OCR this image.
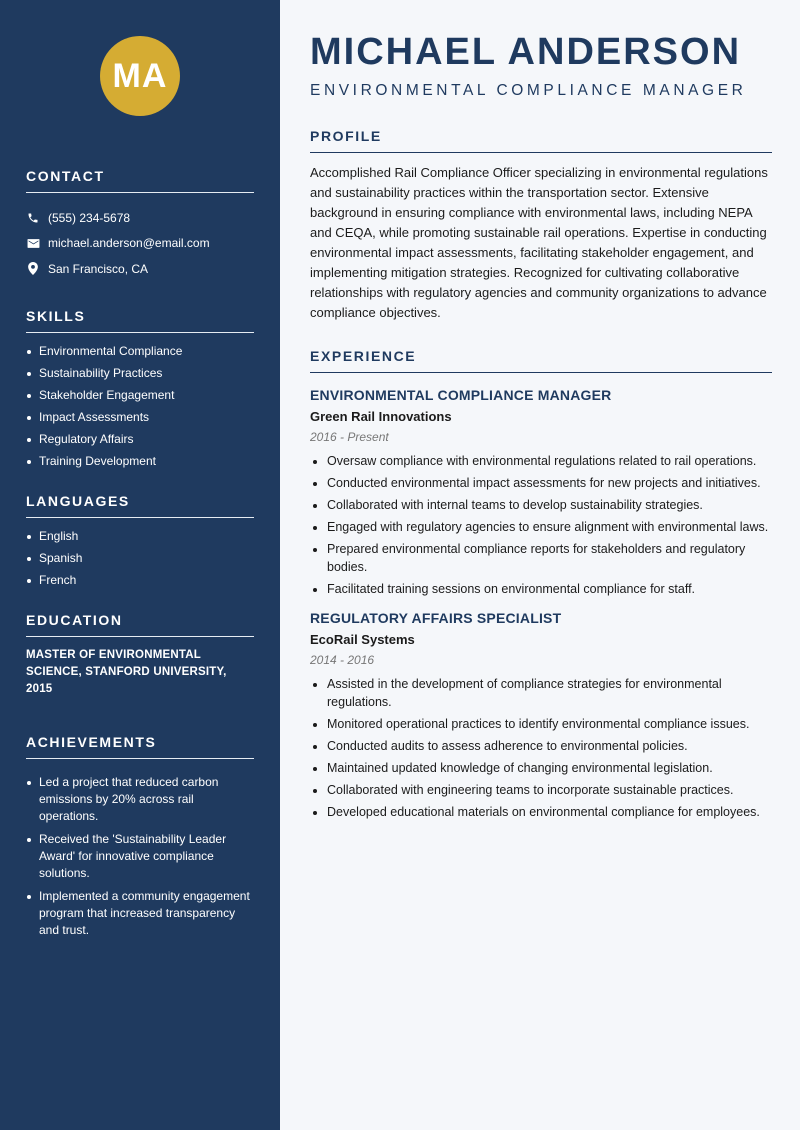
MA
CONTACT
(555) 234-5678
michael.anderson@email.com
San Francisco, CA
SKILLS
Environmental Compliance
Sustainability Practices
Stakeholder Engagement
Impact Assessments
Regulatory Affairs
Training Development
LANGUAGES
English
Spanish
French
EDUCATION
MASTER OF ENVIRONMENTAL SCIENCE, STANFORD UNIVERSITY, 2015
ACHIEVEMENTS
Led a project that reduced carbon emissions by 20% across rail operations.
Received the 'Sustainability Leader Award' for innovative compliance solutions.
Implemented a community engagement program that increased transparency and trust.
MICHAEL ANDERSON
ENVIRONMENTAL COMPLIANCE MANAGER
PROFILE
Accomplished Rail Compliance Officer specializing in environmental regulations and sustainability practices within the transportation sector. Extensive background in ensuring compliance with environmental laws, including NEPA and CEQA, while promoting sustainable rail operations. Expertise in conducting environmental impact assessments, facilitating stakeholder engagement, and implementing mitigation strategies. Recognized for cultivating collaborative relationships with regulatory agencies and community organizations to advance compliance objectives.
EXPERIENCE
ENVIRONMENTAL COMPLIANCE MANAGER
Green Rail Innovations
2016 - Present
Oversaw compliance with environmental regulations related to rail operations.
Conducted environmental impact assessments for new projects and initiatives.
Collaborated with internal teams to develop sustainability strategies.
Engaged with regulatory agencies to ensure alignment with environmental laws.
Prepared environmental compliance reports for stakeholders and regulatory bodies.
Facilitated training sessions on environmental compliance for staff.
REGULATORY AFFAIRS SPECIALIST
EcoRail Systems
2014 - 2016
Assisted in the development of compliance strategies for environmental regulations.
Monitored operational practices to identify environmental compliance issues.
Conducted audits to assess adherence to environmental policies.
Maintained updated knowledge of changing environmental legislation.
Collaborated with engineering teams to incorporate sustainable practices.
Developed educational materials on environmental compliance for employees.
